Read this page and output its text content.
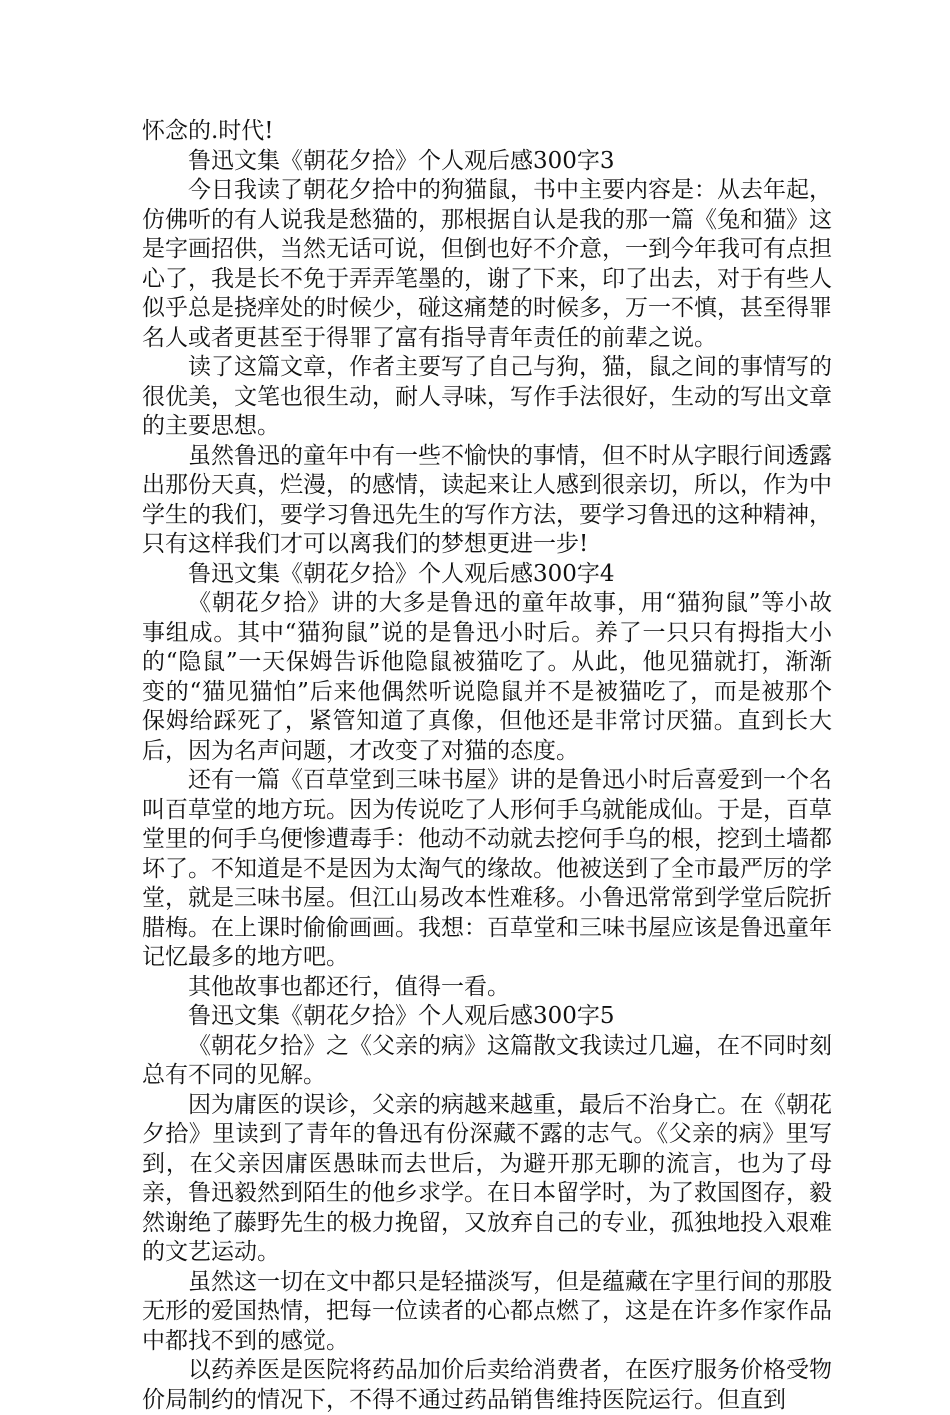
怀念的.时代!

鲁迅文集《朝花夕拾》个人观后感300字3

今日我读了朝花夕拾中的狗猫鼠，书中主要内容是：从去年起，仿佛听的有人说我是愁猫的，那根据自认是我的那一篇《兔和猫》这是字画招供，当然无话可说，但倒也好不介意，一到今年我可有点担心了，我是长不免于弄弄笔墨的，谢了下来，印了出去，对于有些人似乎总是挠痒处的时候少，碰这痛楚的时候多，万一不慎，甚至得罪名人或者更甚至于得罪了富有指导青年责任的前辈之说。

读了这篇文章，作者主要写了自己与狗，猫，鼠之间的事情写的很优美，文笔也很生动，耐人寻味，写作手法很好，生动的写出文章的主要思想。

虽然鲁迅的童年中有一些不愉快的事情，但不时从字眼行间透露出那份天真，烂漫，的感情，读起来让人感到很亲切，所以，作为中学生的我们，要学习鲁迅先生的写作方法，要学习鲁迅的这种精神，只有这样我们才可以离我们的梦想更进一步!

鲁迅文集《朝花夕拾》个人观后感300字4

《朝花夕拾》讲的大多是鲁迅的童年故事，用“猫狗鼠”等小故事组成。其中“猫狗鼠”说的是鲁迅小时后。养了一只只有拇指大小的“隐鼠”一天保姆告诉他隐鼠被猫吃了。从此，他见猫就打，渐渐变的“猫见猫怕”后来他偶然听说隐鼠并不是被猫吃了，而是被那个保姆给踩死了，紧管知道了真像，但他还是非常讨厌猫。直到长大后，因为名声问题，才改变了对猫的态度。

还有一篇《百草堂到三味书屋》讲的是鲁迅小时后喜爱到一个名叫百草堂的地方玩。因为传说吃了人形何手乌就能成仙。于是，百草堂里的何手乌便惨遭毒手：他动不动就去挖何手乌的根，挖到土墙都坏了。不知道是不是因为太淘气的缘故。他被送到了全市最严厉的学堂，就是三味书屋。但江山易改本性难移。小鲁迅常常到学堂后院折腊梅。在上课时偷偷画画。我想：百草堂和三味书屋应该是鲁迅童年记忆最多的地方吧。

其他故事也都还行，值得一看。

鲁迅文集《朝花夕拾》个人观后感300字5

《朝花夕拾》之《父亲的病》这篇散文我读过几遍，在不同时刻总有不同的见解。

因为庸医的误诊，父亲的病越来越重，最后不治身亡。在《朝花夕拾》里读到了青年的鲁迅有份深藏不露的志气。《父亲的病》里写到，在父亲因庸医愚昧而去世后，为避开那无聊的流言，也为了母亲，鲁迅毅然到陌生的他乡求学。在日本留学时，为了救国图存，毅然谢绝了藤野先生的极力挽留，又放弃自己的专业，孤独地投入艰难的文艺运动。

虽然这一切在文中都只是轻描淡写，但是蕴藏在字里行间的那股无形的爱国热情，把每一位读者的心都点燃了，这是在许多作家作品中都找不到的感觉。

以药养医是医院将药品加价后卖给消费者，在医疗服务价格受物价局制约的情况下，不得不通过药品销售维持医院运行。但直到
